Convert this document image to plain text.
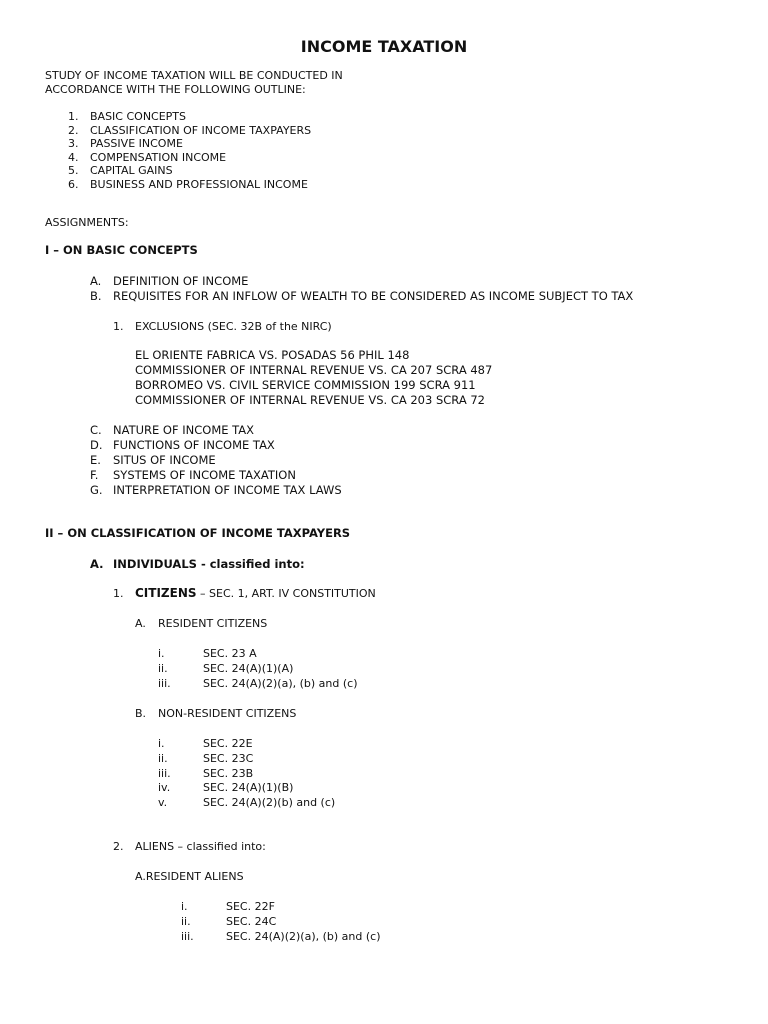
INCOME TAXATION
STUDY OF INCOME TAXATION WILL BE CONDUCTED IN
ACCORDANCE WITH THE FOLLOWING OUTLINE:
1. BASIC CONCEPTS
2. CLASSIFICATION OF INCOME TAXPAYERS
3. PASSIVE INCOME
4. COMPENSATION INCOME
5. CAPITAL GAINS
6. BUSINESS AND PROFESSIONAL INCOME
ASSIGNMENTS:
I – ON BASIC CONCEPTS
A. DEFINITION OF INCOME
B. REQUISITES FOR AN INFLOW OF WEALTH TO BE CONSIDERED AS INCOME SUBJECT TO TAX
1. EXCLUSIONS (SEC. 32B of the NIRC)
EL ORIENTE FABRICA VS. POSADAS 56 PHIL 148
COMMISSIONER OF INTERNAL REVENUE VS. CA 207 SCRA 487
BORROMEO VS. CIVIL SERVICE COMMISSION 199 SCRA 911
COMMISSIONER OF INTERNAL REVENUE VS. CA 203 SCRA 72
C. NATURE OF INCOME TAX
D. FUNCTIONS OF INCOME TAX
E. SITUS OF INCOME
F. SYSTEMS OF INCOME TAXATION
G. INTERPRETATION OF INCOME TAX LAWS
II – ON CLASSIFICATION OF INCOME TAXPAYERS
A. INDIVIDUALS - classified into:
1. CITIZENS – SEC. 1, ART. IV CONSTITUTION
A. RESIDENT CITIZENS
i.	SEC. 23 A
ii.	SEC. 24(A)(1)(A)
iii.	SEC. 24(A)(2)(a), (b) and (c)
B. NON-RESIDENT CITIZENS
i.	SEC. 22E
ii.	SEC. 23C
iii.	SEC. 23B
iv.	SEC. 24(A)(1)(B)
v.	SEC. 24(A)(2)(b) and (c)
2. ALIENS – classified into:
A.RESIDENT ALIENS
i.	SEC. 22F
ii.	SEC. 24C
iii.	SEC. 24(A)(2)(a), (b) and (c)
